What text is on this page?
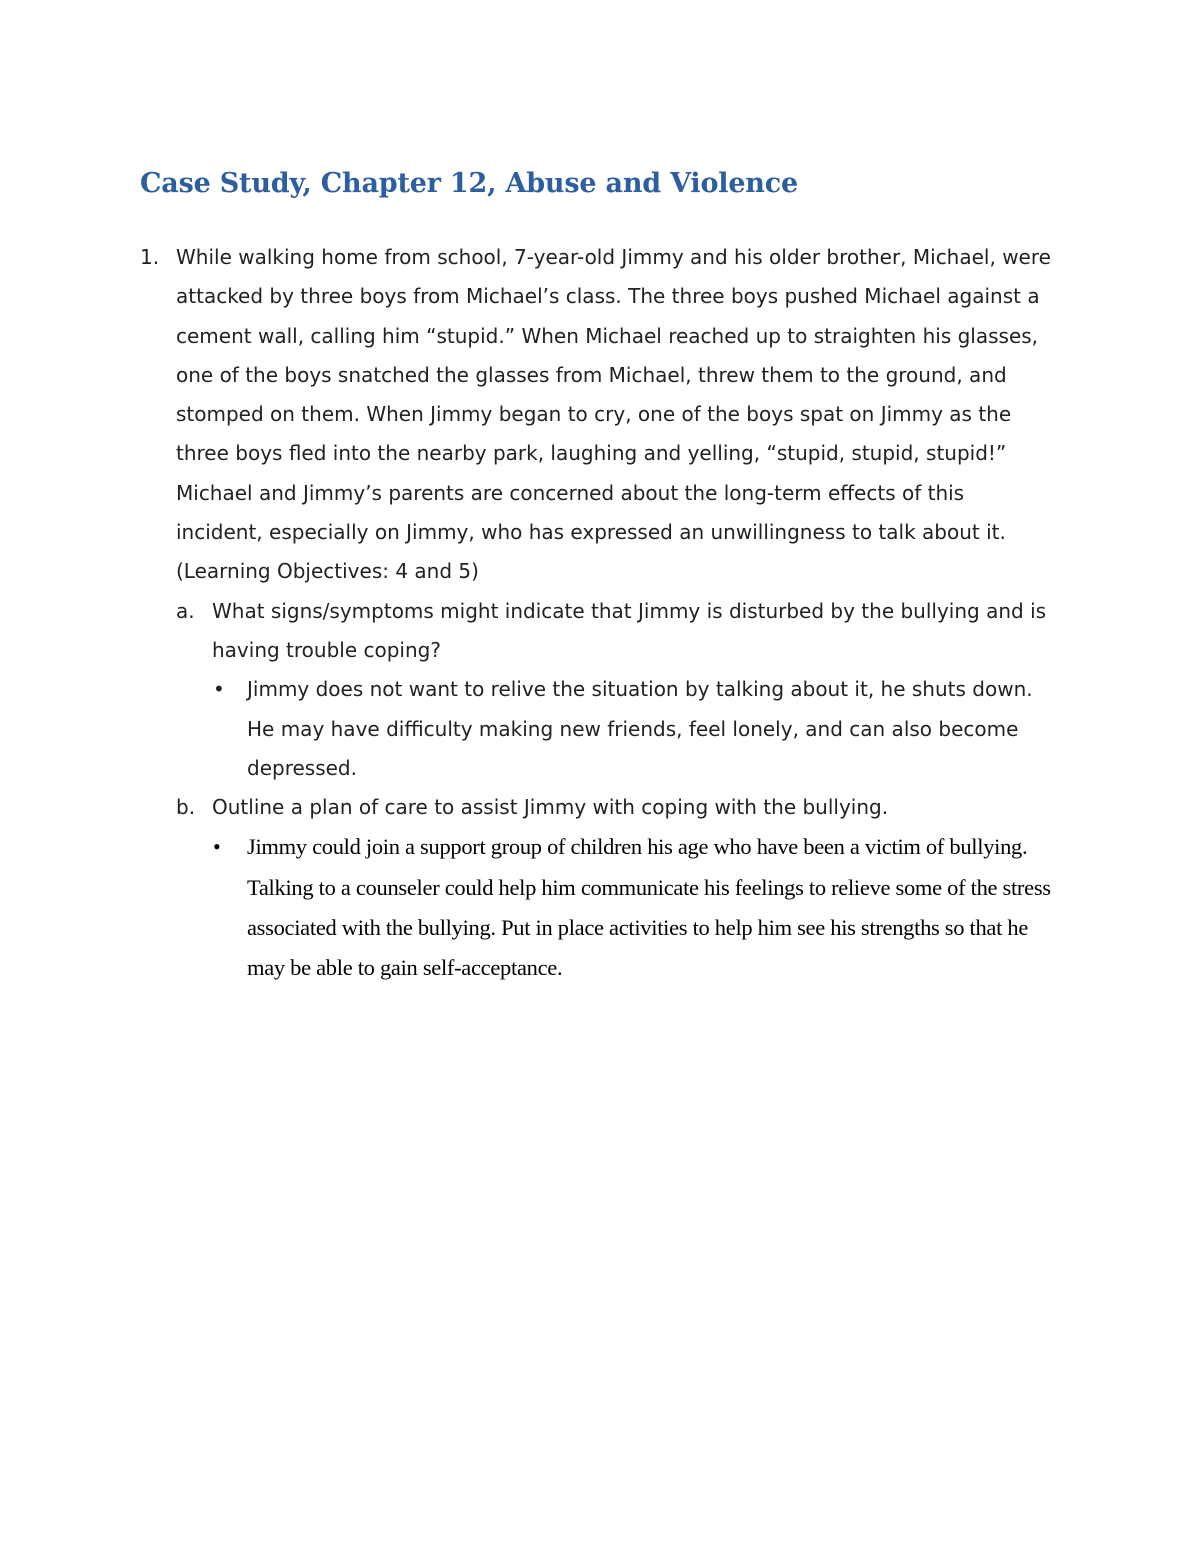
Case Study, Chapter 12, Abuse and Violence
1. While walking home from school, 7-year-old Jimmy and his older brother, Michael, were attacked by three boys from Michael’s class. The three boys pushed Michael against a cement wall, calling him “stupid.” When Michael reached up to straighten his glasses, one of the boys snatched the glasses from Michael, threw them to the ground, and stomped on them. When Jimmy began to cry, one of the boys spat on Jimmy as the three boys fled into the nearby park, laughing and yelling, “stupid, stupid, stupid!” Michael and Jimmy’s parents are concerned about the long-term effects of this incident, especially on Jimmy, who has expressed an unwillingness to talk about it. (Learning Objectives: 4 and 5)

a. What signs/symptoms might indicate that Jimmy is disturbed by the bullying and is having trouble coping?

• Jimmy does not want to relive the situation by talking about it, he shuts down. He may have difficulty making new friends, feel lonely, and can also become depressed.

b. Outline a plan of care to assist Jimmy with coping with the bullying.

• Jimmy could join a support group of children his age who have been a victim of bullying. Talking to a counseler could help him communicate his feelings to relieve some of the stress associated with the bullying. Put in place activities to help him see his strengths so that he may be able to gain self-acceptance.
